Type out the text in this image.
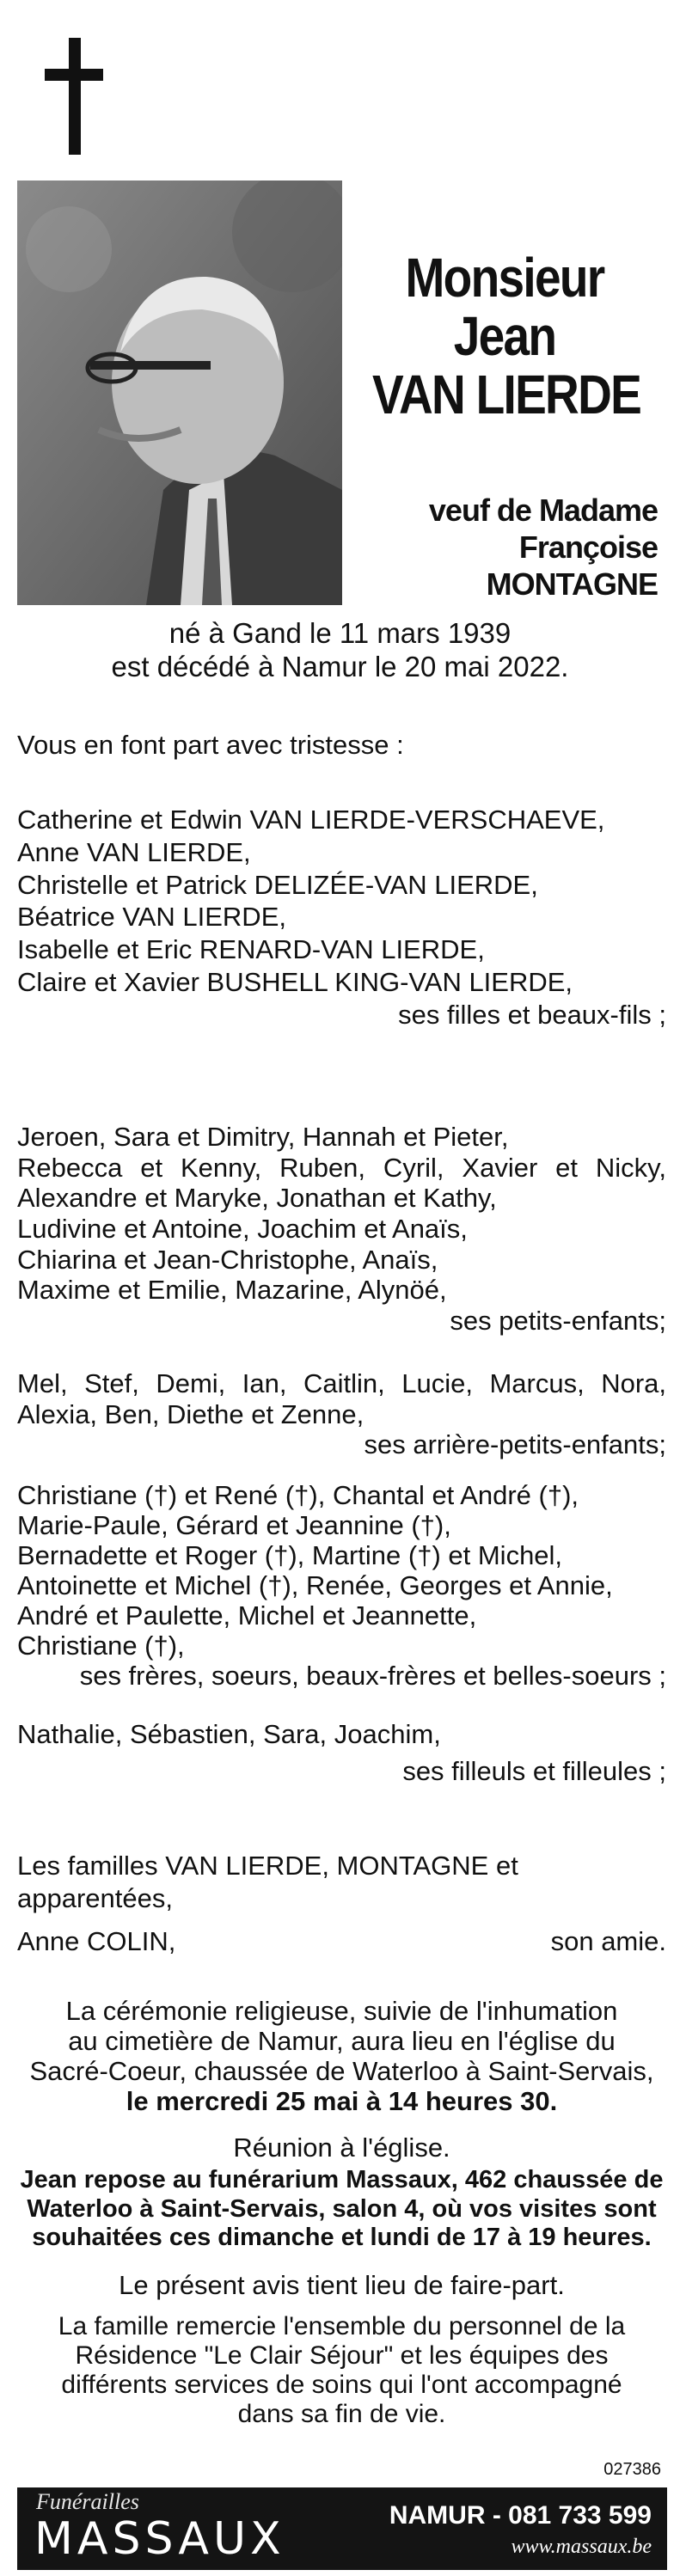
Monsieur
Jean
VAN LIERDE
veuf de Madame
Françoise MONTAGNE
né à Gand le 11 mars 1939
est décédé à Namur le 20 mai 2022.
Vous en font part avec tristesse :
Catherine et Edwin VAN LIERDE-VERSCHAEVE,
Anne VAN LIERDE,
Christelle et Patrick DELIZÉE-VAN LIERDE,
Béatrice VAN LIERDE,
Isabelle et Eric RENARD-VAN LIERDE,
Claire et Xavier BUSHELL KING-VAN LIERDE,
ses filles et beaux-fils ;
Jeroen, Sara et Dimitry, Hannah et Pieter,
Rebecca et Kenny, Ruben, Cyril, Xavier et Nicky,
Alexandre et Maryke, Jonathan et Kathy,
Ludivine et Antoine, Joachim et Anaïs,
Chiarina et Jean-Christophe, Anaïs,
Maxime et Emilie, Mazarine, Alynöé,
ses petits-enfants;
Mel, Stef, Demi, Ian, Caitlin, Lucie, Marcus, Nora,
Alexia, Ben, Diethe et Zenne,
ses arrière-petits-enfants;
Christiane (†) et René (†), Chantal et André (†),
Marie-Paule, Gérard et Jeannine (†),
Bernadette et Roger (†), Martine (†) et Michel,
Antoinette et Michel (†), Renée, Georges et Annie,
André et Paulette, Michel et Jeannette,
Christiane (†),
ses frères, soeurs, beaux-frères et belles-soeurs ;
Nathalie, Sébastien, Sara, Joachim,
ses filleuls et filleules ;
Les familles VAN LIERDE, MONTAGNE et apparentées,
Anne COLIN,	son amie.
La cérémonie religieuse, suivie de l'inhumation
au cimetière de Namur, aura lieu en l'église du
Sacré-Coeur, chaussée de Waterloo à Saint-Servais,
le mercredi 25 mai à 14 heures 30.
Réunion à l'église.
Jean repose au funérarium Massaux, 462 chaussée de
Waterloo à Saint-Servais, salon 4, où vos visites sont
souhaitées ces dimanche et lundi de 17 à 19 heures.
Le présent avis tient lieu de faire-part.
La famille remercie l'ensemble du personnel de la
Résidence "Le Clair Séjour" et les équipes des
différents services de soins qui l'ont accompagné
dans sa fin de vie.
027386
Funérailles
MASSAUX	NAMUR - 081 733 599
www.massaux.be
